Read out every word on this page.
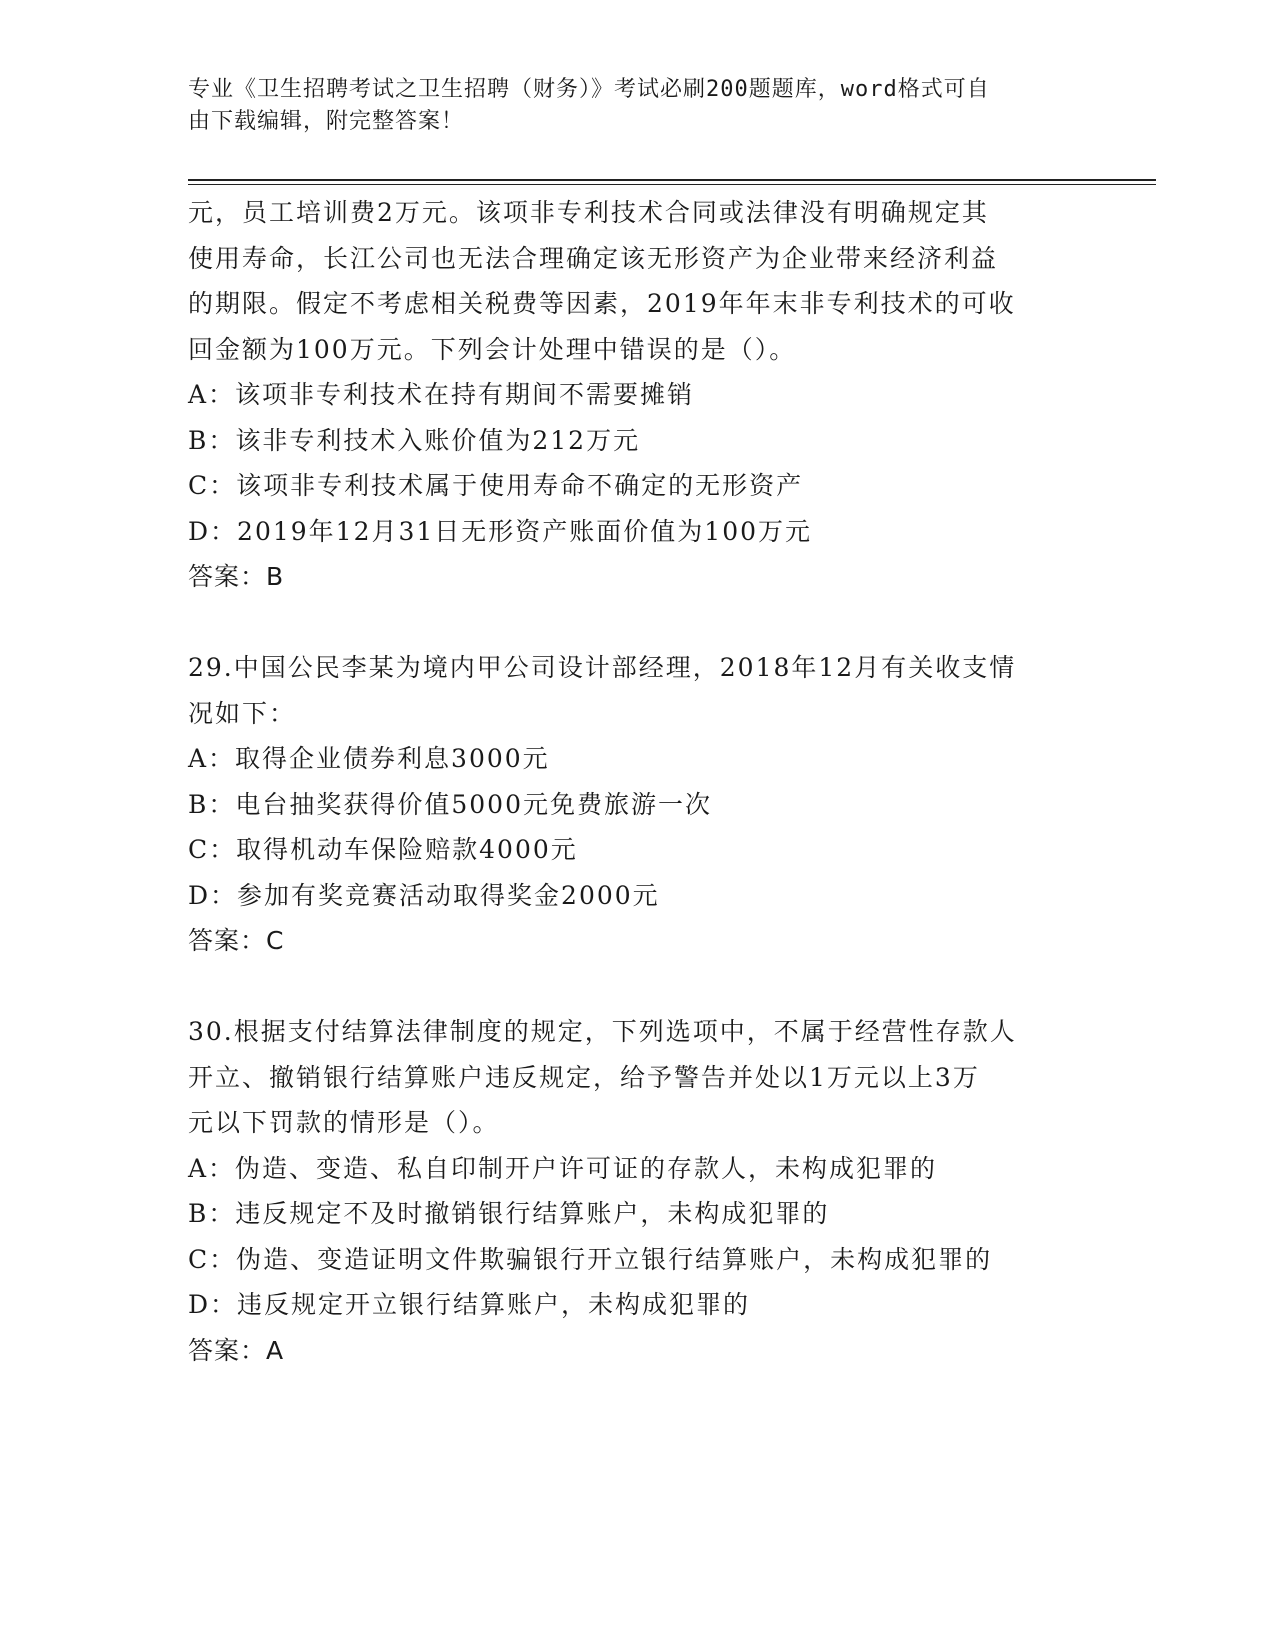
专业《卫生招聘考试之卫生招聘（财务）》考试必刷200题题库，word格式可自
由下载编辑，附完整答案！
元，员工培训费2万元。该项非专利技术合同或法律没有明确规定其
使用寿命，长江公司也无法合理确定该无形资产为企业带来经济利益
的期限。假定不考虑相关税费等因素，2019年年末非专利技术的可收
回金额为100万元。下列会计处理中错误的是（）。
A：该项非专利技术在持有期间不需要摊销
B：该非专利技术入账价值为212万元
C：该项非专利技术属于使用寿命不确定的无形资产
D：2019年12月31日无形资产账面价值为100万元
答案：B
29.中国公民李某为境内甲公司设计部经理，2018年12月有关收支情
况如下：
A：取得企业债券利息3000元
B：电台抽奖获得价值5000元免费旅游一次
C：取得机动车保险赔款4000元
D：参加有奖竞赛活动取得奖金2000元
答案：C
30.根据支付结算法律制度的规定，下列选项中，不属于经营性存款人
开立、撤销银行结算账户违反规定，给予警告并处以1万元以上3万
元以下罚款的情形是（）。
A：伪造、变造、私自印制开户许可证的存款人，未构成犯罪的
B：违反规定不及时撤销银行结算账户，未构成犯罪的
C：伪造、变造证明文件欺骗银行开立银行结算账户，未构成犯罪的
D：违反规定开立银行结算账户，未构成犯罪的
答案：A
